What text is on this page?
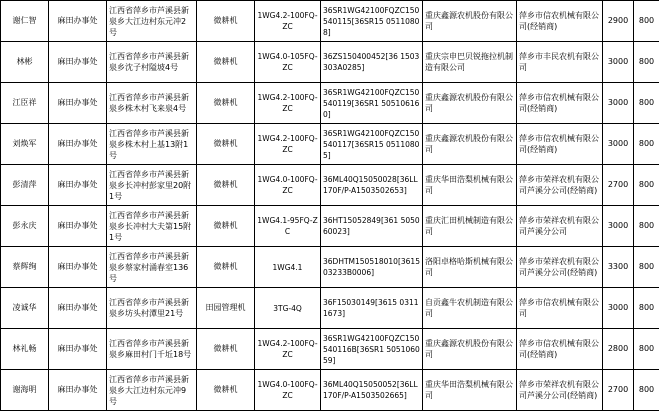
谢仁智	麻田办事处	江西省萍乡市芦溪县新泉乡大江边村东元冲2号	微耕机	1WG4.2-100FQ-ZC	36SR1WG42100FQZC150540115[36SR15 05110808]	重庆鑫源农机股份有限公司	萍乡市信农机械有限公司(经销商)	2900	800
林彬	麻田办事处	江西省萍乡市芦溪县新泉乡沈子村隘坡4号	微耕机	1WG4.0-105FQ-ZC	36ZS150400452[36 1503303A0285]	重庆宗申巴贝锐拖拉机制造有限公司	萍乡市丰民农机有限公司	3000	800
江臣祥	麻田办事处	江西省萍乡市芦溪县新泉乡株木村飞来泉4号	微耕机	1WG4.2-100FQ-ZC	36SR1WG42100FQZC150540119[36SR1 505106160]	重庆鑫源农机股份有限公司	萍乡市信农机械有限公司(经销商)	3000	800
刘焕军	麻田办事处	江西省萍乡市芦溪县新泉乡株木村上基13附1号	微耕机	1WG4.2-100FQ-ZC	36SR1WG42100FQZC150540117[36SR15 05110805]	重庆鑫源农机股份有限公司	萍乡市信农机械有限公司(经销商)	3000	800
彭清萍	麻田办事处	江西省萍乡市芦溪县新泉乡长冲村彭家里20附1号	微耕机	1WG4.0-100FQ-ZC	36ML40Q15050028[36LL170F/P-A1503502653]	重庆华田浩梨机械有限公司	萍乡市荣祥农机有限公司芦溪分公司(经销商)	2700	800
彭永庆	麻田办事处	江西省萍乡市芦溪县新泉乡长冲村大夫第15附1号	微耕机	1WG4.1-95FQ-ZC	36HT15052849[361 505060023]	重庆汇田机械制造有限公司	萍乡市荣祥农机有限公司芦溪分公司	3000	800
蔡辉绚	麻田办事处	江西省萍乡市芦溪县新泉乡蔡家村涌春室136号	微耕机	1WG4.1	36DHTM150518010[361503233B0006]	洛阳卓格哈斯机械有限公司	萍乡市荣祥农机有限公司芦溪分公司(经销商)	3300	800
凌诚华	麻田办事处	江西省萍乡市芦溪县新泉乡坊头村潭里21号	田园管理机	3TG-4Q	36F15030149[3615 03111673]	自贡鑫牛农机制造有限公司	萍乡市信农机械有限公司	3000	800
林礼畅	麻田办事处	江西省萍乡市芦溪县新泉乡麻田村门千坵18号	微耕机	1WG4.2-100FQ-ZC	36SR1WG42100FQZC150540116B[36SR1 505106059]	重庆鑫源农机股份有限公司	萍乡市信农机械有限公司(经销商)	2800	800
谢海明	麻田办事处	江西省萍乡市芦溪县新泉乡大江边村东元冲9号	微耕机	1WG4.0-100FQ-ZC	36ML40Q15050052[36LL170F/P-A1503502665]	重庆华田浩梨机械有限公司	萍乡市荣祥农机有限公司芦溪分公司(经销商)	2700	800
